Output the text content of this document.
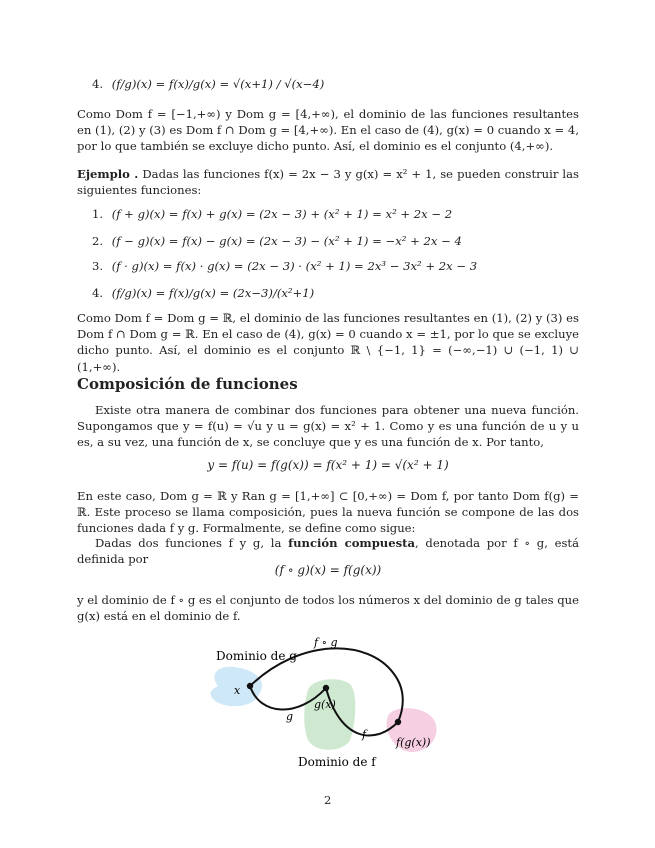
4. (f/g)(x) = f(x)/g(x) = √(x+1) / √(x−4)
Como Dom f = [−1,+∞) y Dom g = [4,+∞), el dominio de las funciones resultantes en (1), (2) y (3) es Dom f ∩ Dom g = [4,+∞). En el caso de (4), g(x) = 0 cuando x = 4, por lo que también se excluye dicho punto. Así, el dominio es el conjunto (4,+∞).
Ejemplo . Dadas las funciones f(x) = 2x − 3 y g(x) = x² + 1, se pueden construir las siguientes funciones:
1. (f + g)(x) = f(x) + g(x) = (2x − 3) + (x² + 1) = x² + 2x − 2
2. (f − g)(x) = f(x) − g(x) = (2x − 3) − (x² + 1) = −x² + 2x − 4
3. (f · g)(x) = f(x) · g(x) = (2x − 3) · (x² + 1) = 2x³ − 3x² + 2x − 3
4. (f/g)(x) = f(x)/g(x) = (2x−3)/(x²+1)
Como Dom f = Dom g = ℝ, el dominio de las funciones resultantes en (1), (2) y (3) es Dom f ∩ Dom g = ℝ. En el caso de (4), g(x) = 0 cuando x = ±1, por lo que se excluye dicho punto. Así, el dominio es el conjunto ℝ \ {−1, 1} = (−∞,−1) ∪ (−1, 1) ∪ (1,+∞).
Composición de funciones
Existe otra manera de combinar dos funciones para obtener una nueva función. Supongamos que y = f(u) = √u y u = g(x) = x² + 1. Como y es una función de u y u es, a su vez, una función de x, se concluye que y es una función de x. Por tanto,
y = f(u) = f(g(x)) = f(x² + 1) = √(x² + 1)
En este caso, Dom g = ℝ y Ran g = [1,+∞] ⊂ [0,+∞) = Dom f, por tanto Dom f(g) = ℝ. Este proceso se llama composición, pues la nueva función se compone de las dos funciones dada f y g. Formalmente, se define como sigue:
Dadas dos funciones f y g, la función compuesta, denotada por f ∘ g, está definida por
(f ∘ g)(x) = f(g(x))
y el dominio de f ∘ g es el conjunto de todos los números x del dominio de g tales que g(x) está en el dominio de f.
Dominio de g
f ∘ g
x
g
g(x)
f
f(g(x))
Dominio de f
2
